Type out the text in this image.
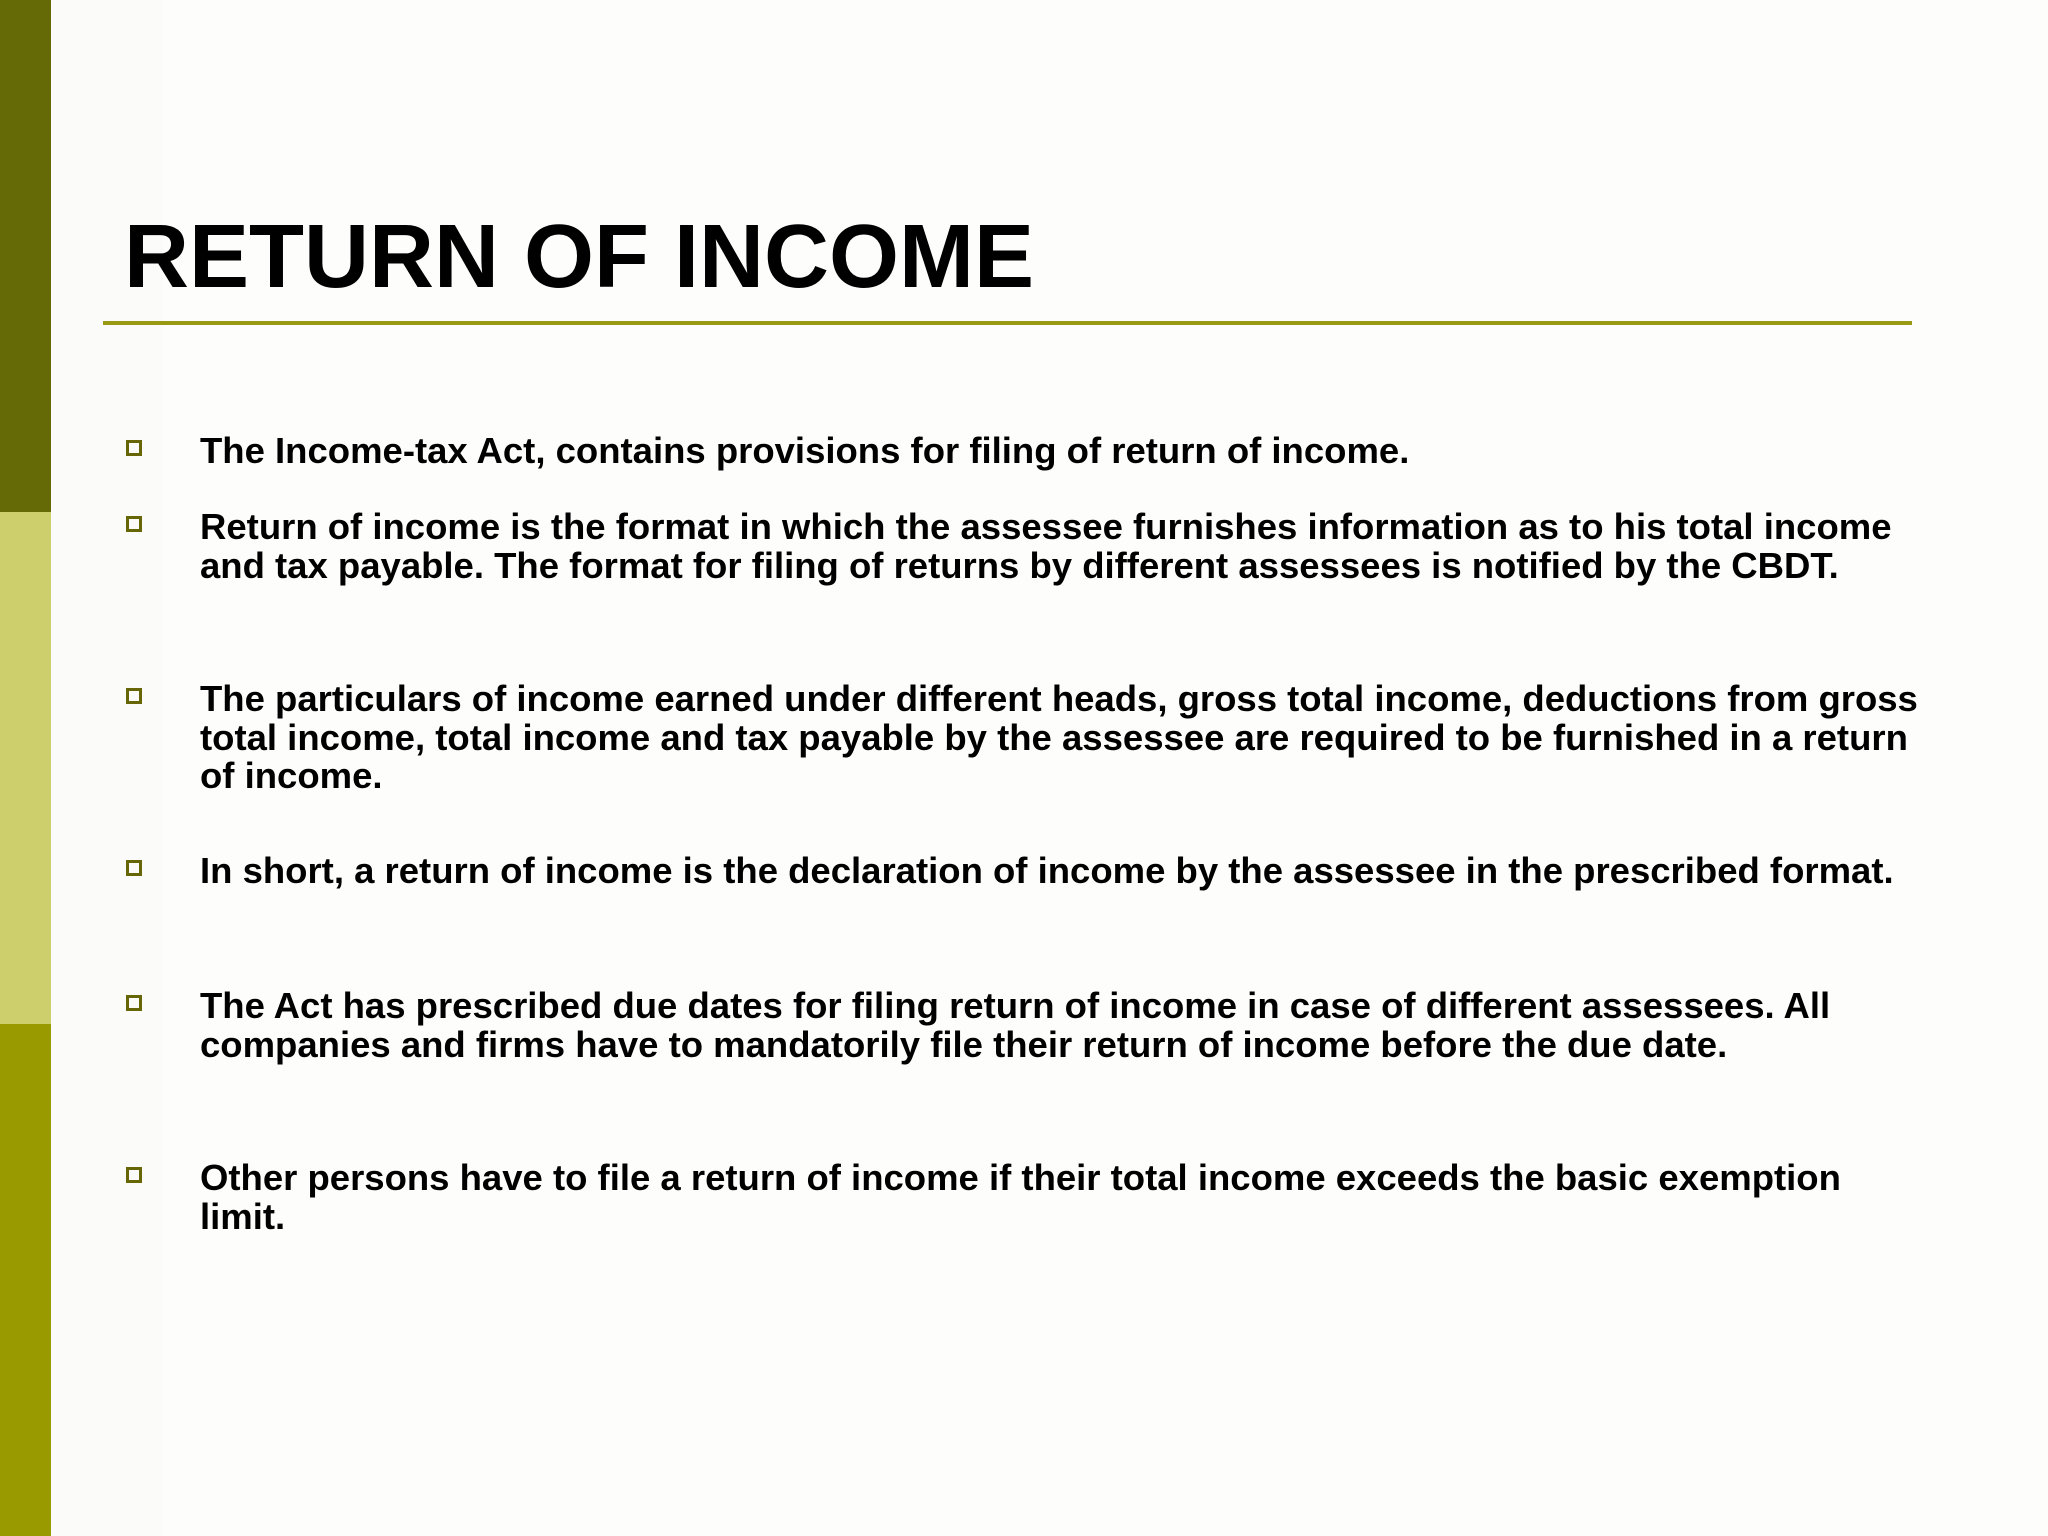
RETURN OF INCOME
The Income-tax Act, contains provisions for filing of return of income.
Return of income is the format in which the assessee furnishes information as to his total income and tax payable. The format for filing of returns by different assessees is notified by the CBDT.
The particulars of income earned under different heads, gross total income, deductions from gross total income, total income and tax payable by the assessee are required to be furnished in a return of income.
In short, a return of income is the declaration of income by the assessee in the prescribed format.
The Act has prescribed due dates for filing return of income in case of different assessees. All companies and firms have to mandatorily file their return of income before the due date.
Other persons have to file a return of income if their total income exceeds the basic exemption limit.
